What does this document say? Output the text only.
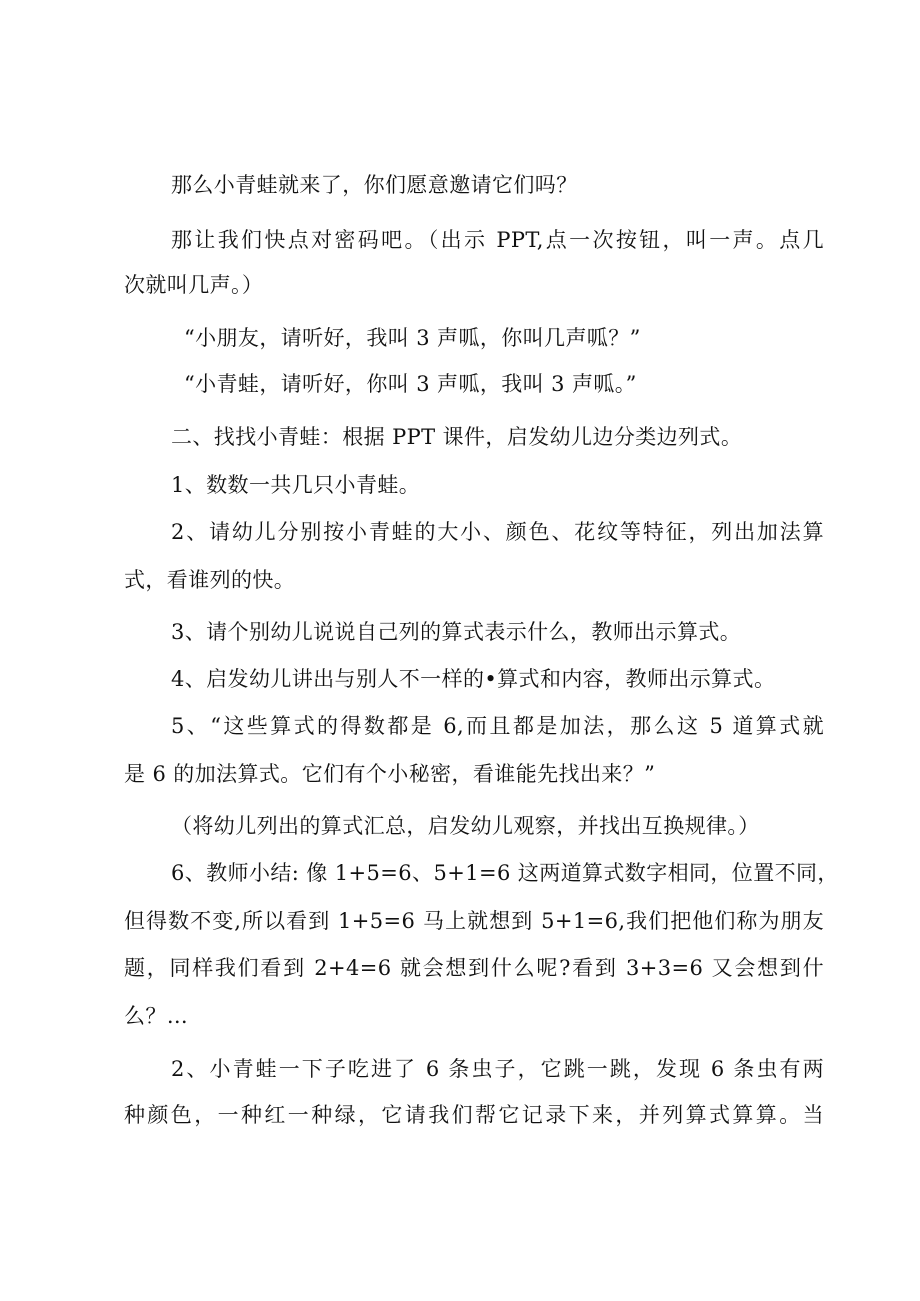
那么小青蛙就来了，你们愿意邀请它们吗？
那让我们快点对密码吧。（出示 PPT,点一次按钮，叫一声。点几
次就叫几声。）
“小朋友，请听好，我叫 3 声呱，你叫几声呱？”
“小青蛙，请听好，你叫 3 声呱，我叫 3 声呱。”
二、找找小青蛙：根据 PPT 课件，启发幼儿边分类边列式。
1、数数一共几只小青蛙。
2、请幼儿分别按小青蛙的大小、颜色、花纹等特征，列出加法算
式，看谁列的快。
3、请个别幼儿说说自己列的算式表示什么，教师出示算式。
4、启发幼儿讲出与别人不一样的•算式和内容，教师出示算式。
5、“这些算式的得数都是 6,而且都是加法，那么这 5 道算式就
是 6 的加法算式。它们有个小秘密，看谁能先找出来？”
（将幼儿列出的算式汇总，启发幼儿观察，并找出互换规律。）
6、教师小结: 像 1+5=6、5+1=6 这两道算式数字相同，位置不同，
但得数不变,所以看到 1+5=6 马上就想到 5+1=6,我们把他们称为朋友
题，同样我们看到 2+4=6 就会想到什么呢?看到 3+3=6 又会想到什
么？…
2、小青蛙一下子吃进了 6 条虫子，它跳一跳，发现 6 条虫有两
种颜色，一种红一种绿，它请我们帮它记录下来，并列算式算算。当
